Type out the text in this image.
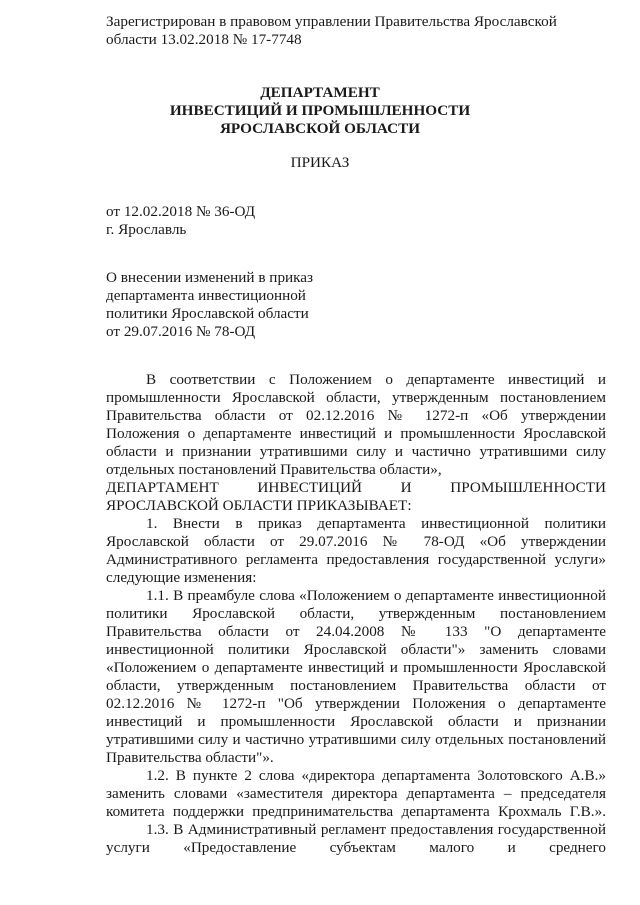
Зарегистрирован в правовом управлении Правительства Ярославской
области 13.02.2018 № 17-7748
ДЕПАРТАМЕНТ
ИНВЕСТИЦИЙ И ПРОМЫШЛЕННОСТИ
ЯРОСЛАВСКОЙ ОБЛАСТИ
ПРИКАЗ
от 12.02.2018 № 36-ОД
г. Ярославль
О внесении изменений в приказ
департамента инвестиционной
политики Ярославской области
от 29.07.2016 № 78-ОД
В соответствии с Положением о департаменте инвестиций и
промышленности Ярославской области, утвержденным постановлением
Правительства области от 02.12.2016 № 1272-п «Об утверждении
Положения о департаменте инвестиций и промышленности Ярославской
области и признании утратившими силу и частично утратившими силу
отдельных постановлений Правительства области»,
ДЕПАРТАМЕНТ ИНВЕСТИЦИЙ И ПРОМЫШЛЕННОСТИ
ЯРОСЛАВСКОЙ ОБЛАСТИ ПРИКАЗЫВАЕТ:
1. Внести в приказ департамента инвестиционной политики
Ярославской области от 29.07.2016 № 78-ОД «Об утверждении
Административного регламента предоставления государственной услуги»
следующие изменения:
1.1. В преамбуле слова «Положением о департаменте инвестиционной
политики Ярославской области, утвержденным постановлением
Правительства области от 24.04.2008 № 133 "О департаменте
инвестиционной политики Ярославской области"» заменить словами
«Положением о департаменте инвестиций и промышленности Ярославской
области, утвержденным постановлением Правительства области от
02.12.2016 № 1272-п "Об утверждении Положения о департаменте
инвестиций и промышленности Ярославской области и признании
утратившими силу и частично утратившими силу отдельных постановлений
Правительства области"».
1.2. В пункте 2 слова «директора департамента Золотовского А.В.»
заменить словами «заместителя директора департамента – председателя
комитета поддержки предпринимательства департамента Крохмаль Г.В.».
1.3. В Административный регламент предоставления государственной
услуги «Предоставление субъектам малого и среднего
